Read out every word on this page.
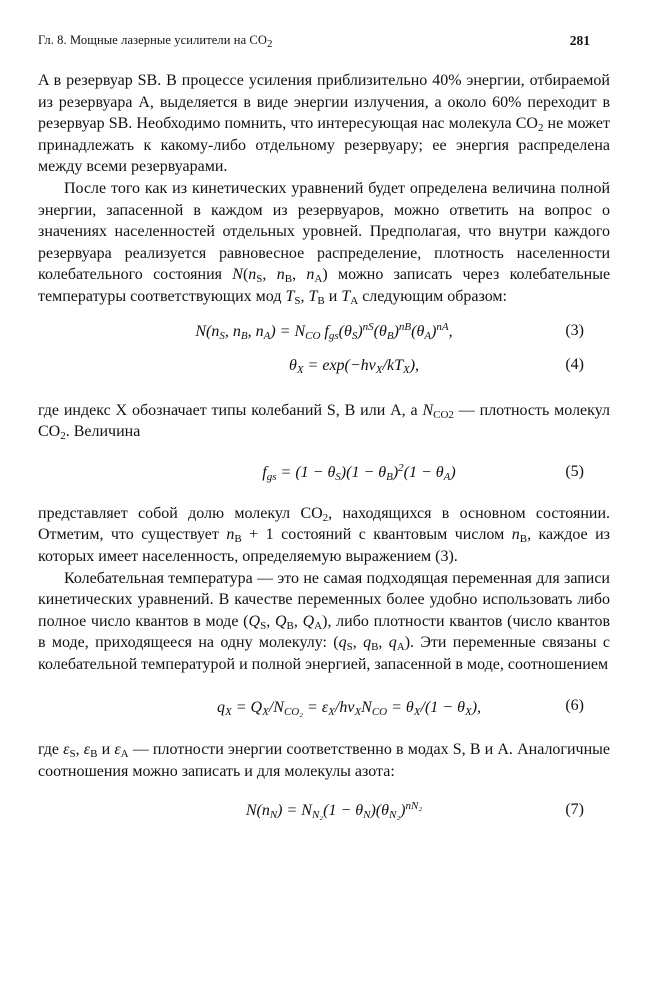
Гл. 8. Мощные лазерные усилители на $CO_2$	281

A в резервуар SB. В процессе усиления приблизительно 40% энергии, отбираемой из резервуара A, выделяется в виде энергии излучения, а около 60% переходит в резервуар SB. Необходимо помнить, что интересующая нас молекула $CO_2$ не может принадлежать к какому-либо отдельному резервуару; ее энергия распределена между всеми резервуарами.

После того как из кинетических уравнений будет определена величина полной энергии, запасенной в каждом из резервуаров, можно ответить на вопрос о значениях населенностей отдельных уровней. Предполагая, что внутри каждого резервуара реализуется равновесное распределение, плотность населенности колебательного состояния $N(n_S$, $n_B$, $n_A$) можно записать через колебательные температуры соответствующих мод $T_S$, $T_B$ и $T_A$ следующим образом:

$N(n_S$, $n_B$, $n_A) = N_{CO}$ $f_{gs}(\theta_S)^{nS}(\theta_B)^{nB}(\theta_A)^{nA}$,	(3)
$\theta_X = \exp(-h\nu_X/kT_X)$,	(4)

где индекс X обозначает типы колебаний S, B или A, а $N_{CO2}$ — плотность молекул $CO_2$. Величина

$f_{gs} = (1 - \theta_S)(1 - \theta_B)^2(1 - \theta_A)$	(5)

представляет собой долю молекул $CO_2$, находящихся в основном состоянии. Отметим, что существует $n_B + 1$ состояний с квантовым числом $n_B$, каждое из которых имеет населенность, определяемую выражением (3).

Колебательная температура — это не самая подходящая переменная для записи кинетических уравнений. В качестве переменных более удобно использовать либо полное число квантов в моде ($Q_S$, $Q_B$, $Q_A$), либо плотности квантов (число квантов в моде, приходящееся на одну молекулу: ($q_S$, $q_B$, $q_A$). Эти переменные связаны с колебательной температурой и полной энергией, запасенной в моде, соотношением

$q_X = Q_X/N_{CO_2} = \varepsilon_X/h\nu_XN_{CO} = \theta_X/(1 - \theta_X)$,	(6)

где $\varepsilon_S$, $\varepsilon_B$ и $\varepsilon_A$ — плотности энергии соответственно в модах S, B и A. Аналогичные соотношения можно записать и для молекулы азота:

$N(n_N) = N_{N_2}(1 - \theta_N)(\theta_{N_2})^{nN_2}$	(7)
